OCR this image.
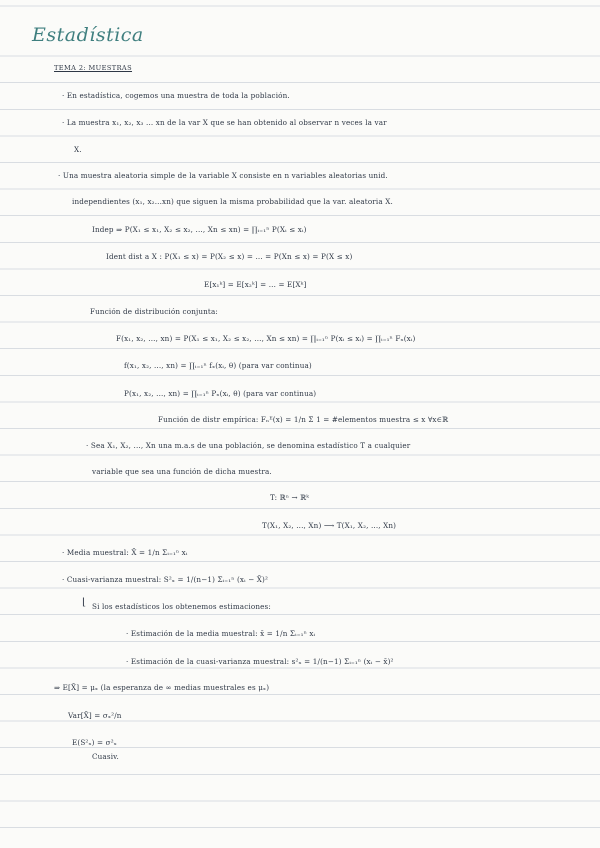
Estadística
TEMA 2: MUESTRAS
· En estadística, cogemos una muestra de toda la población.
· La muestra x₁, x₂, x₃ ... xn de la var X que se han obtenido al observar n veces la var
X.
· Una muestra aleatoria simple de la variable X consiste en n variables aleatorias unid.
independientes (x₁, x₂...xn) que siguen la misma probabilidad que la var. aleatoria X.
Indep ⇒ P(X₁ ≤ x₁, X₂ ≤ x₂, ..., Xn ≤ xn) = ∏ᵢ₌₁ⁿ P(Xᵢ ≤ xᵢ)
Ident dist a X : P(X₁ ≤ x) = P(X₂ ≤ x) = ... = P(Xn ≤ x) = P(X ≤ x)
E[x₁ᵏ] = E[x₂ᵏ] = ... = E[Xᵏ]
Función de distribución conjunta:
F(x₁, x₂, ..., xn) = P(X₁ ≤ x₁, X₂ ≤ x₂, ..., Xn ≤ xn) = ∏ᵢ₌₁ⁿ P(xᵢ ≤ xᵢ) = ∏ᵢ₌₁ⁿ Fₓ(xᵢ)
f(x₁, x₂, ..., xn) = ∏ᵢ₌₁ⁿ fₓ(xᵢ, θ) (para var continua)
P(x₁, x₂, ..., xn) = ∏ᵢ₌₁ⁿ Pₓ(xᵢ, θ) (para var continua)
Función de distr empírica: Fₙᴱ(x) = 1/n Σ 1 = #elementos muestra ≤ x ∀x∈ℝ
· Sea X₁, X₂, ..., Xn una m.a.s de una población, se denomina estadístico T a cualquier
variable que sea una función de dicha muestra.
T: ℝⁿ → ℝᵏ
T(X₁, X₂, ..., Xn) ⟶ T(X₁, X₂, ..., Xn)
· Media muestral: X̄ = 1/n Σᵢ₌₁ⁿ xᵢ
· Cuasi-varianza muestral: S²ₓ = 1/(n−1) Σᵢ₌₁ⁿ (xᵢ − X̄)²
⌊ Si los estadísticos los obtenemos estimaciones:
· Estimación de la media muestral: x̄ = 1/n Σᵢ₌₁ⁿ xᵢ
· Estimación de la cuasi-varianza muestral: s²ₓ = 1/(n−1) Σᵢ₌₁ⁿ (xᵢ − x̄)²
⇒ E[X̄] = μₓ (la esperanza de ∞ medias muestrales es μₓ)
Var[X̄] = σₓ²/n
E(S²ₓ) = σ²ₓ
Cuasiv.
